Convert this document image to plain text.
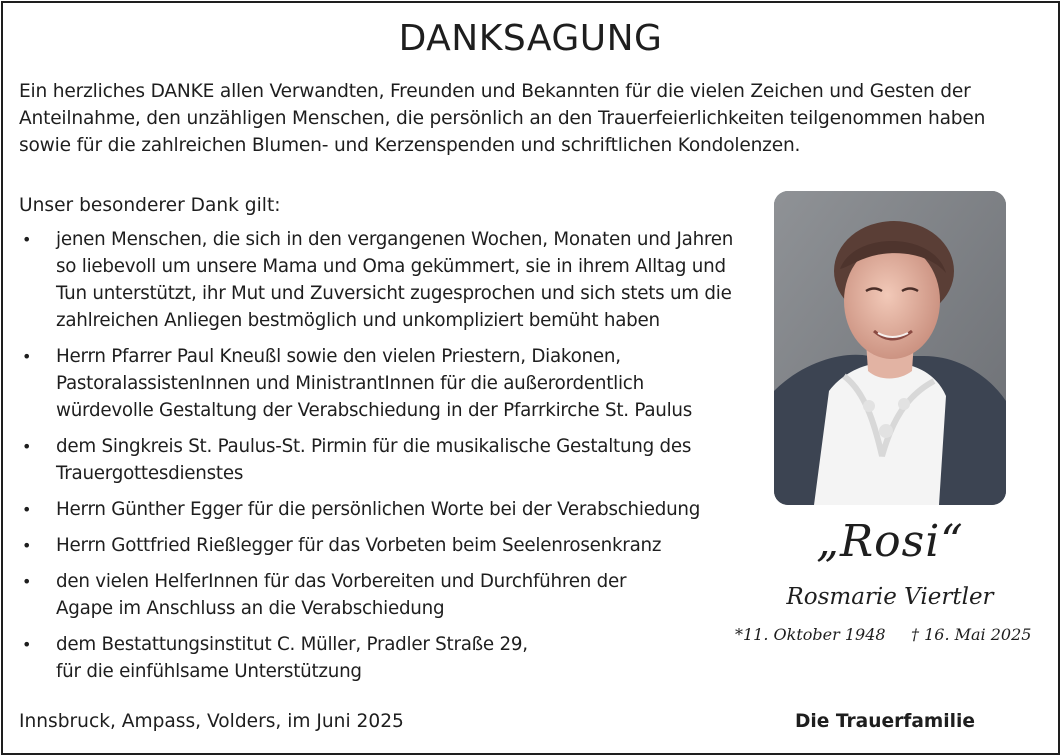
DANKSAGUNG
Ein herzliches DANKE allen Verwandten, Freunden und Bekannten für die vielen Zeichen und Gesten der
Anteilnahme, den unzähligen Menschen, die persönlich an den Trauerfeierlichkeiten teilgenommen haben
sowie für die zahlreichen Blumen- und Kerzenspenden und schriftlichen Kondolenzen.
Unser besonderer Dank gilt:
• jenen Menschen, die sich in den vergangenen Wochen, Monaten und Jahren
so liebevoll um unsere Mama und Oma gekümmert, sie in ihrem Alltag und
Tun unterstützt, ihr Mut und Zuversicht zugesprochen und sich stets um die
zahlreichen Anliegen bestmöglich und unkompliziert bemüht haben
• Herrn Pfarrer Paul Kneußl sowie den vielen Priestern, Diakonen,
PastoralassistenInnen und MinistrantInnen für die außerordentlich
würdevolle Gestaltung der Verabschiedung in der Pfarrkirche St. Paulus
• dem Singkreis St. Paulus-St. Pirmin für die musikalische Gestaltung des
Trauergottesdienstes
• Herrn Günther Egger für die persönlichen Worte bei der Verabschiedung
• Herrn Gottfried Rießlegger für das Vorbeten beim Seelenrosenkranz
• den vielen HelferInnen für das Vorbereiten und Durchführen der
Agape im Anschluss an die Verabschiedung
• dem Bestattungsinstitut C. Müller, Pradler Straße 29,
für die einfühlsame Unterstützung
„Rosi“
Rosmarie Viertler
*11. Oktober 1948 † 16. Mai 2025
Innsbruck, Ampass, Volders, im Juni 2025	Die Trauerfamilie
